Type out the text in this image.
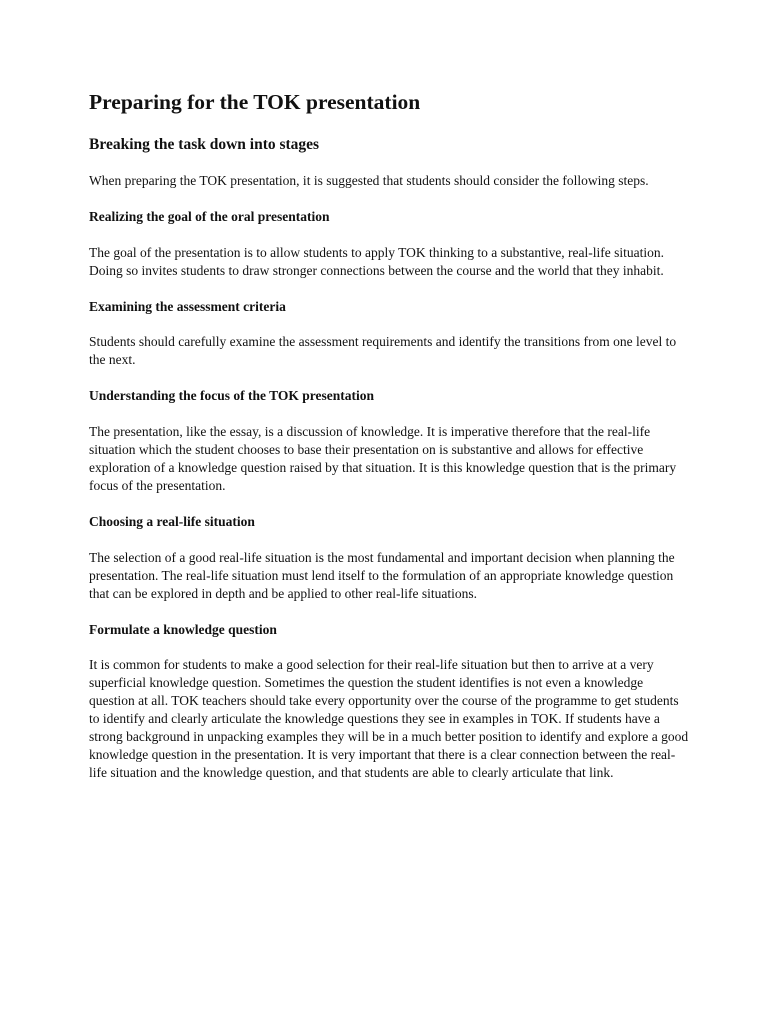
Preparing for the TOK presentation
Breaking the task down into stages

When preparing the TOK presentation, it is suggested that students should consider the following steps.

Realizing the goal of the oral presentation

The goal of the presentation is to allow students to apply TOK thinking to a substantive, real-life situation. Doing so invites students to draw stronger connections between the course and the world that they inhabit.

Examining the assessment criteria

Students should carefully examine the assessment requirements and identify the transitions from one level to the next.

Understanding the focus of the TOK presentation

The presentation, like the essay, is a discussion of knowledge. It is imperative therefore that the real-life situation which the student chooses to base their presentation on is substantive and allows for effective exploration of a knowledge question raised by that situation. It is this knowledge question that is the primary focus of the presentation.

Choosing a real-life situation

The selection of a good real-life situation is the most fundamental and important decision when planning the presentation. The real-life situation must lend itself to the formulation of an appropriate knowledge question that can be explored in depth and be applied to other real-life situations.

Formulate a knowledge question

It is common for students to make a good selection for their real-life situation but then to arrive at a very superficial knowledge question. Sometimes the question the student identifies is not even a knowledge question at all. TOK teachers should take every opportunity over the course of the programme to get students to identify and clearly articulate the knowledge questions they see in examples in TOK. If students have a strong background in unpacking examples they will be in a much better position to identify and explore a good knowledge question in the presentation. It is very important that there is a clear connection between the real-life situation and the knowledge question, and that students are able to clearly articulate that link.
